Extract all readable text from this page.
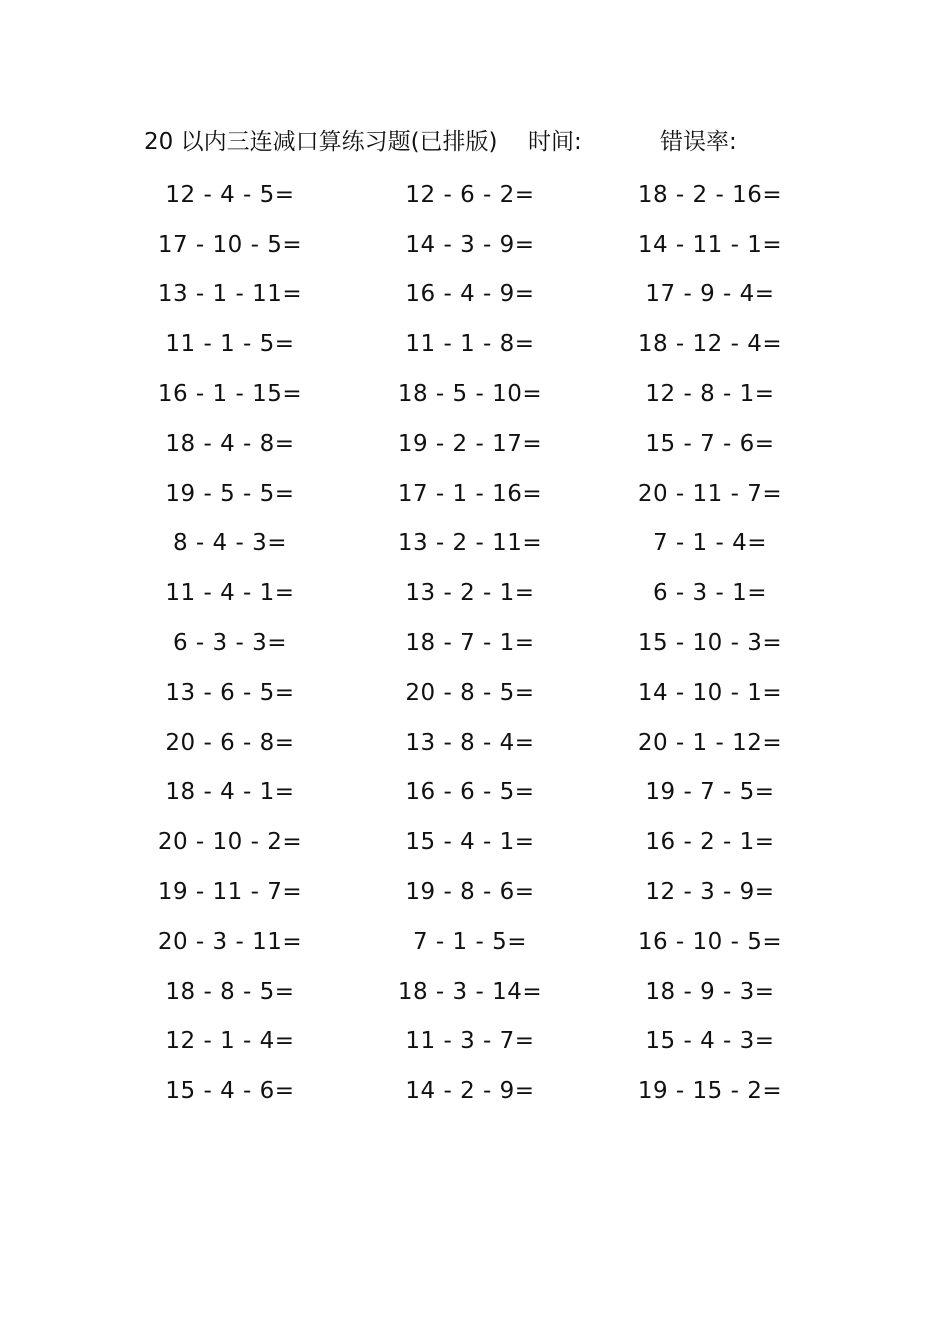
20 以内三连减口算练习题(已排版) 时间:	错误率:
12 - 4 - 5=	12 - 6 - 2=	18 - 2 - 16=
17 - 10 - 5=	14 - 3 - 9=	14 - 11 - 1=
13 - 1 - 11=	16 - 4 - 9=	17 - 9 - 4=
11 - 1 - 5=	11 - 1 - 8=	18 - 12 - 4=
16 - 1 - 15=	18 - 5 - 10=	12 - 8 - 1=
18 - 4 - 8=	19 - 2 - 17=	15 - 7 - 6=
19 - 5 - 5=	17 - 1 - 16=	20 - 11 - 7=
8 - 4 - 3=	13 - 2 - 11=	7 - 1 - 4=
11 - 4 - 1=	13 - 2 - 1=	6 - 3 - 1=
6 - 3 - 3=	18 - 7 - 1=	15 - 10 - 3=
13 - 6 - 5=	20 - 8 - 5=	14 - 10 - 1=
20 - 6 - 8=	13 - 8 - 4=	20 - 1 - 12=
18 - 4 - 1=	16 - 6 - 5=	19 - 7 - 5=
20 - 10 - 2=	15 - 4 - 1=	16 - 2 - 1=
19 - 11 - 7=	19 - 8 - 6=	12 - 3 - 9=
20 - 3 - 11=	7 - 1 - 5=	16 - 10 - 5=
18 - 8 - 5=	18 - 3 - 14=	18 - 9 - 3=
12 - 1 - 4=	11 - 3 - 7=	15 - 4 - 3=
15 - 4 - 6=	14 - 2 - 9=	19 - 15 - 2=
